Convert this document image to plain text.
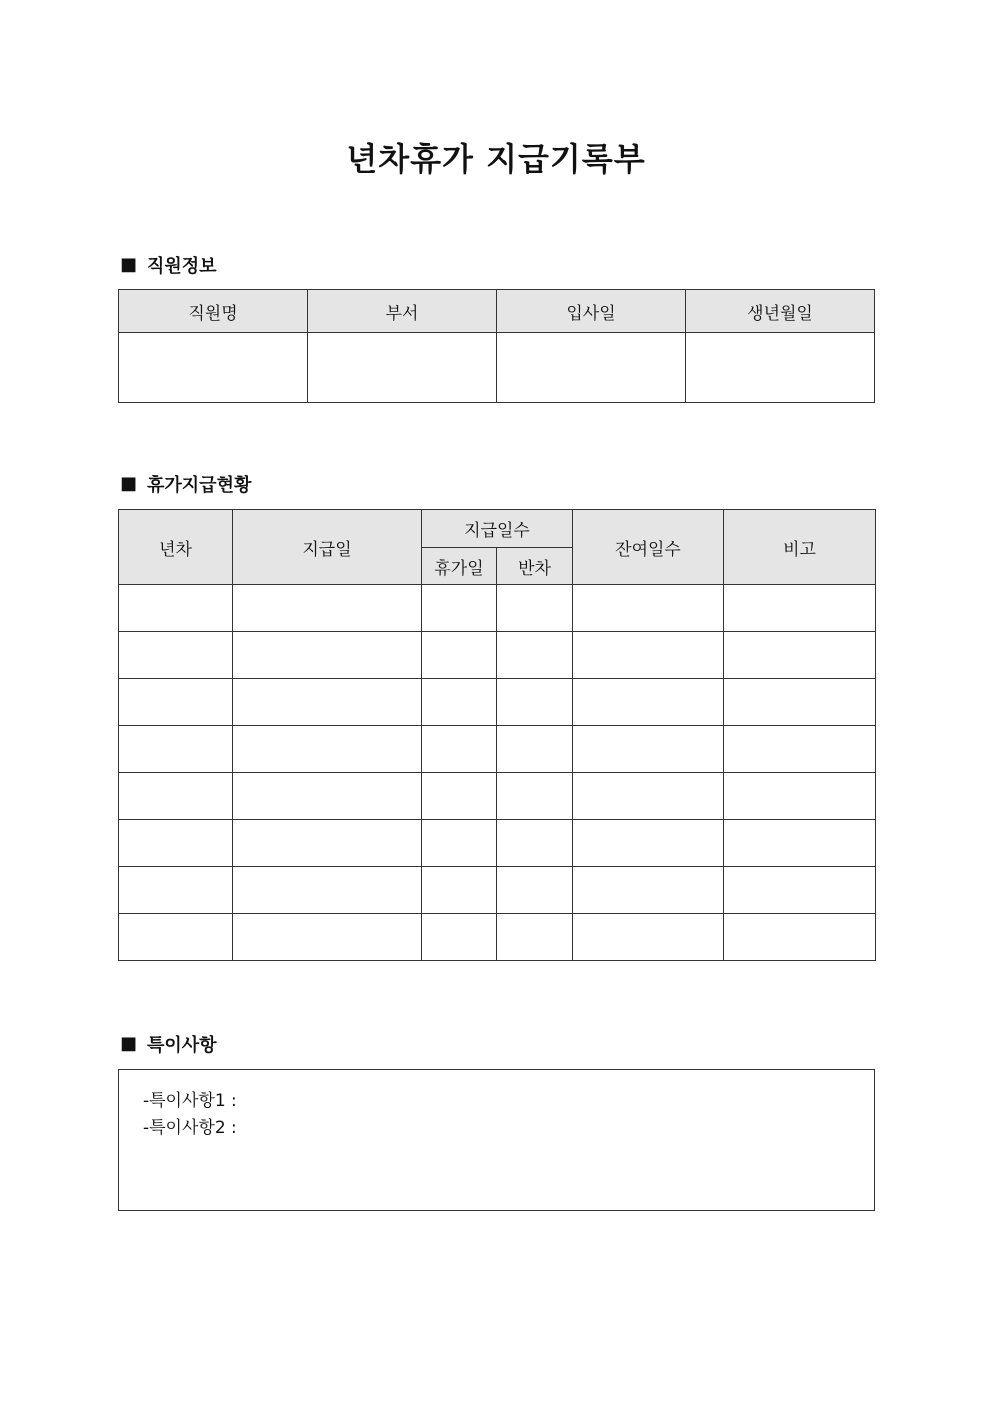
년차휴가 지급기록부
■ 직원정보
직원명	부서	입사일	생년월일

■ 휴가지급현황
년차	지급일	지급일수		잔여일수	비고
		휴가일	반차		

■ 특이사항
-특이사항1 :
-특이사항2 :
